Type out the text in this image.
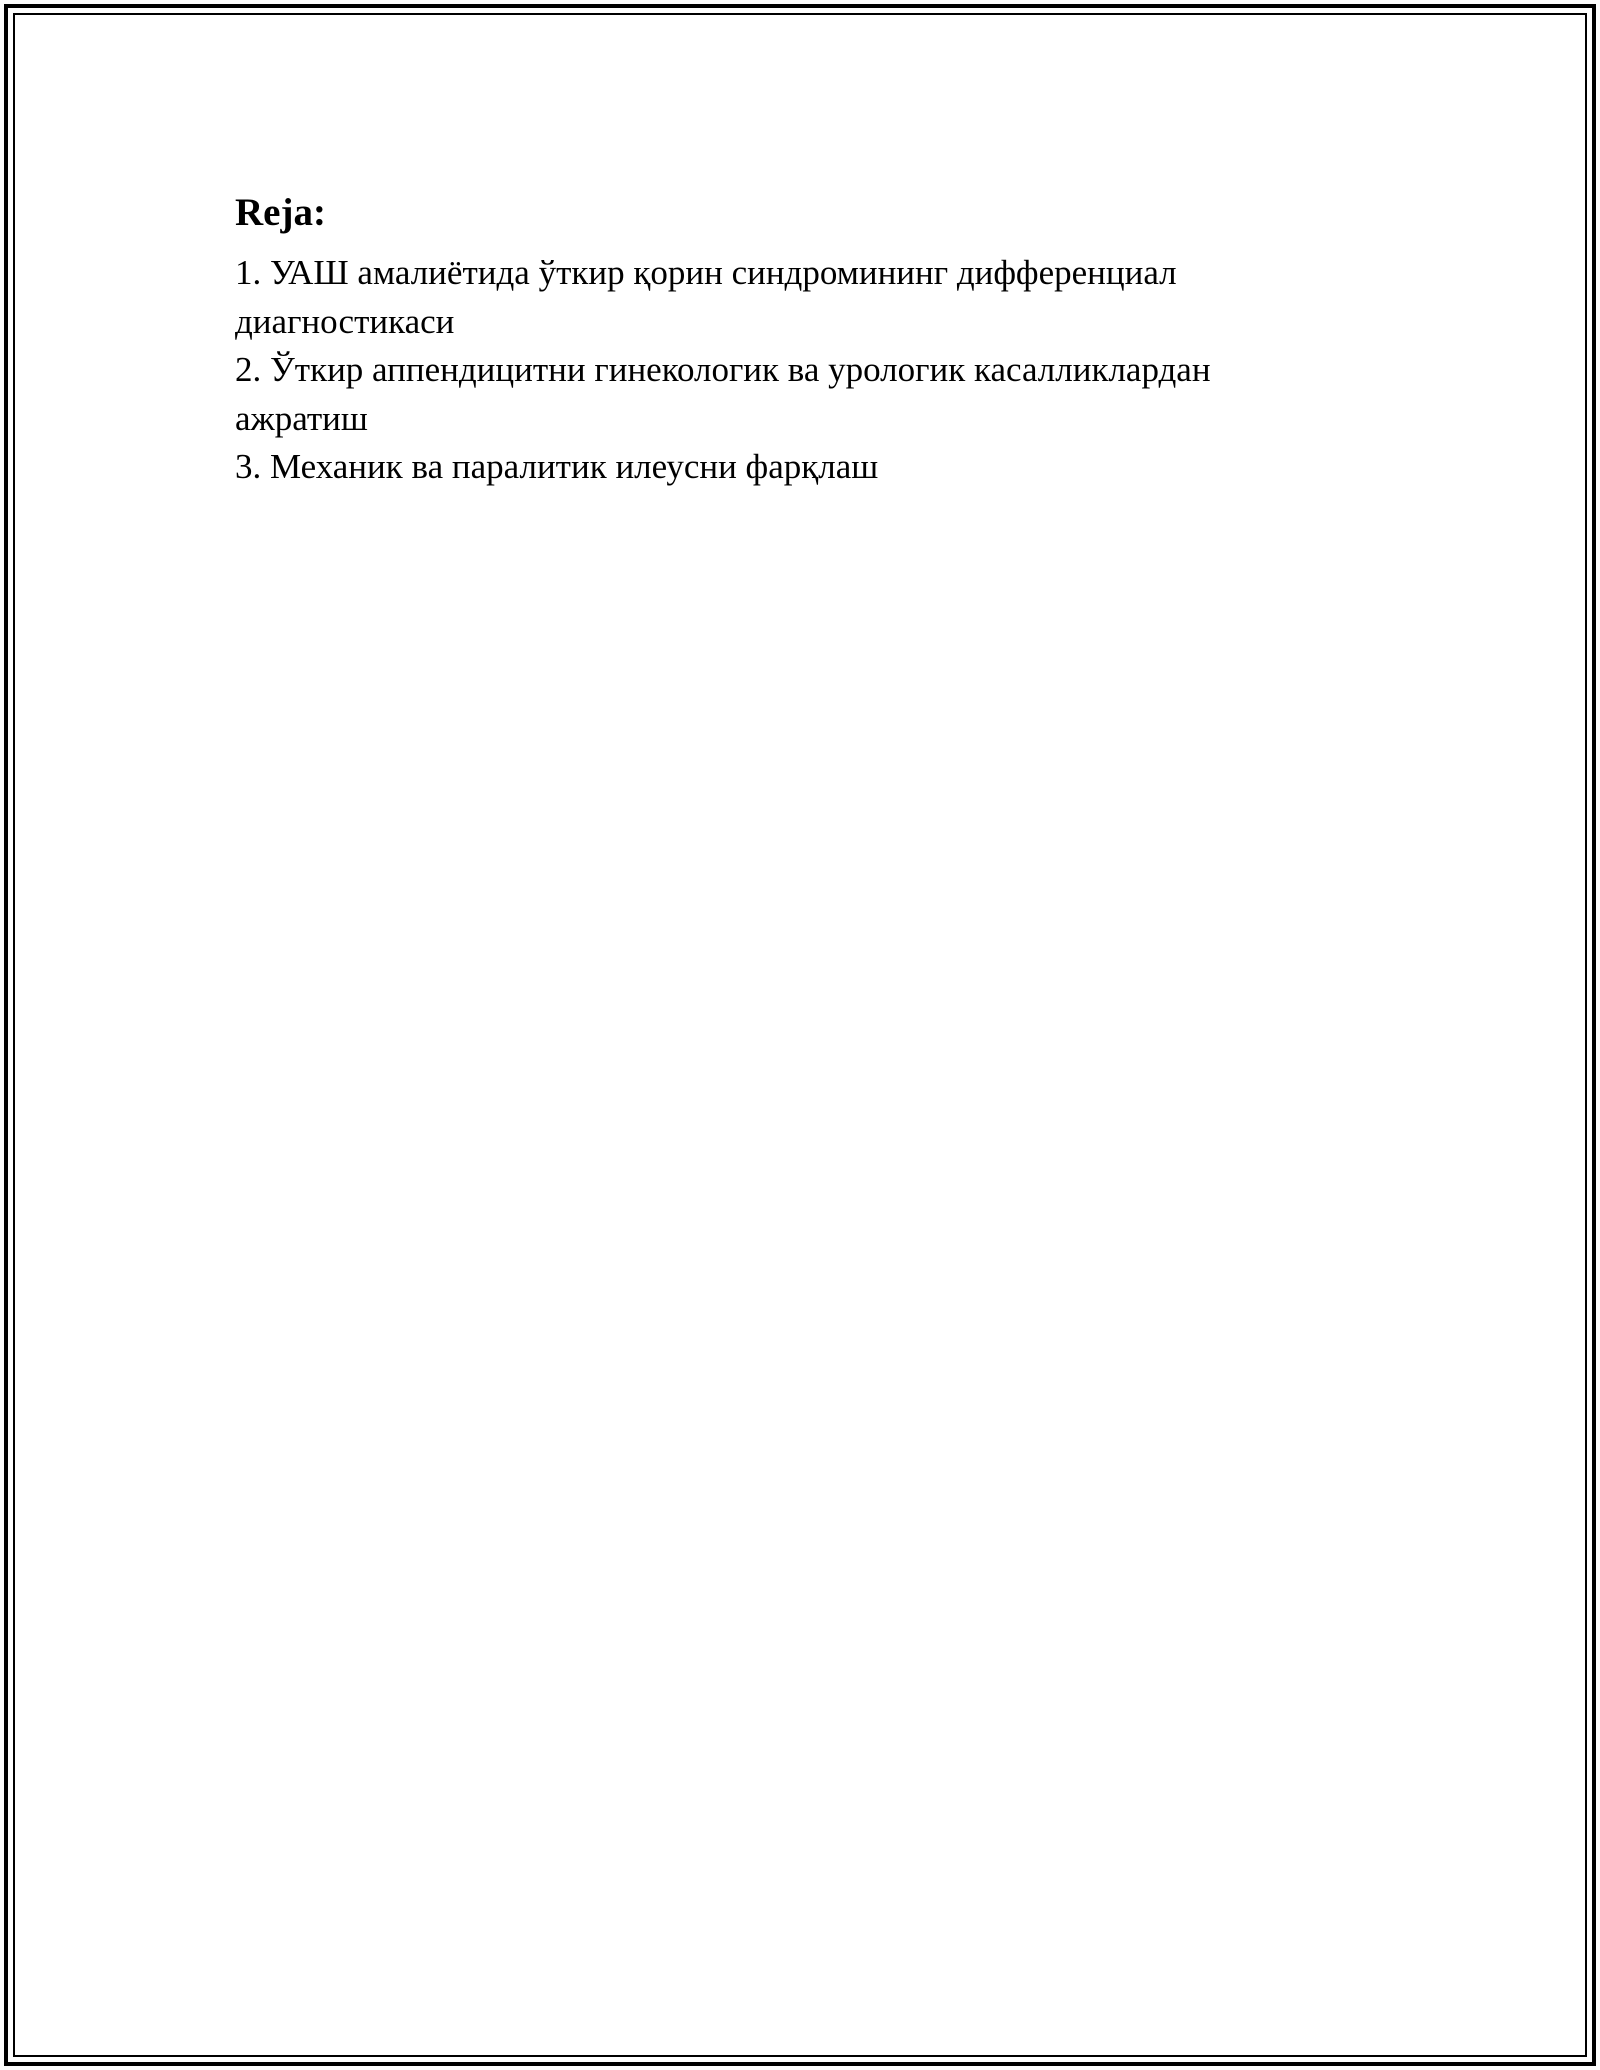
Reja:
1. УАШ амалиётида ўткир қорин синдромининг дифференциал диагностикаси
2. Ўткир аппендицитни гинекологик ва урологик касалликлардан ажратиш
3. Механик ва паралитик илеусни фарқлаш
